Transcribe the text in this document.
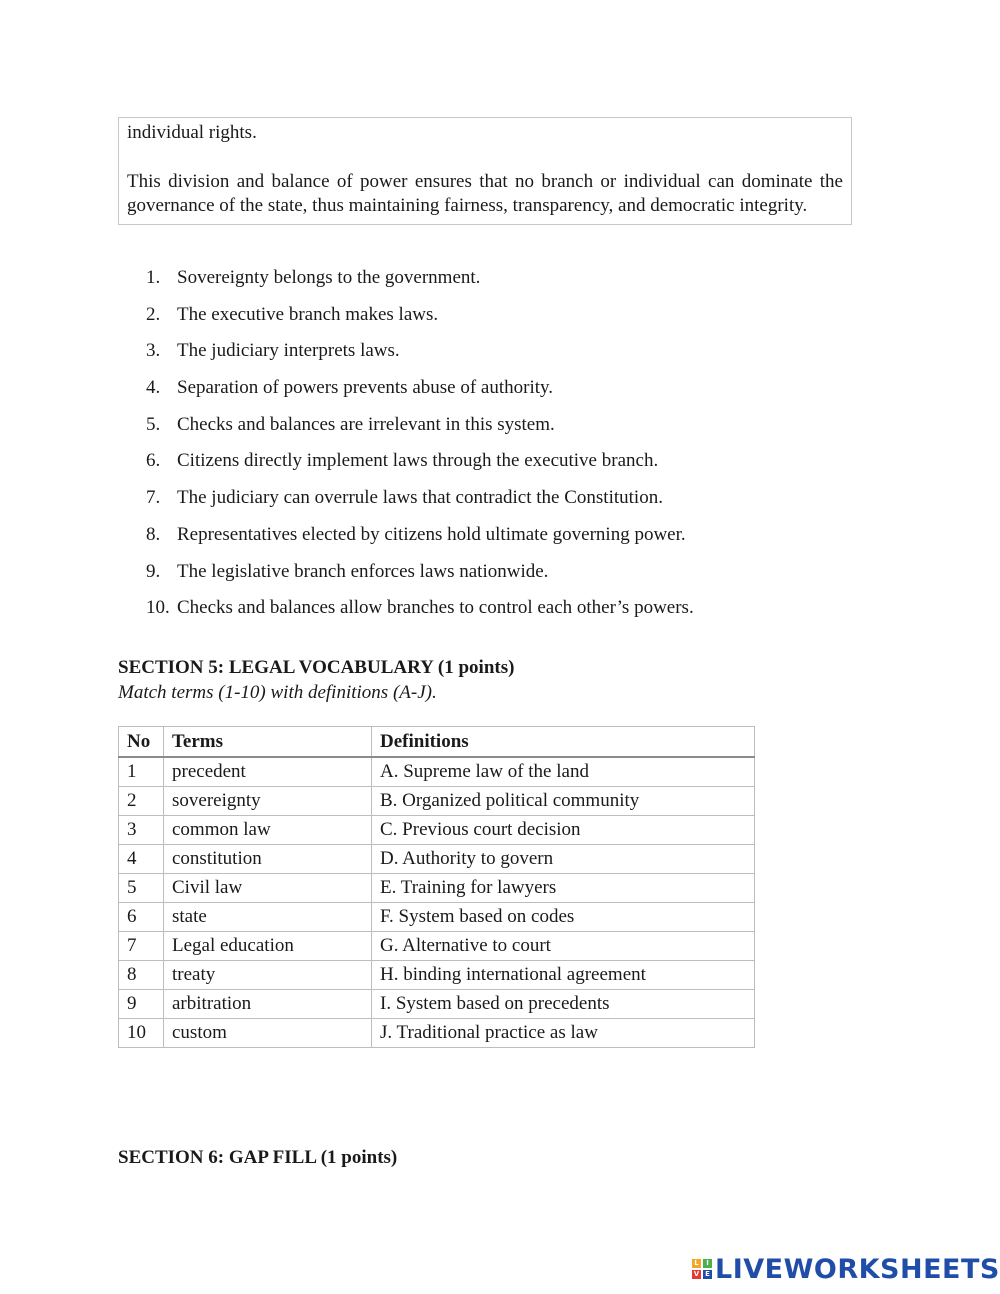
individual rights.

This division and balance of power ensures that no branch or individual can dominate the governance of the state, thus maintaining fairness, transparency, and democratic integrity.

1. Sovereignty belongs to the government.
2. The executive branch makes laws.
3. The judiciary interprets laws.
4. Separation of powers prevents abuse of authority.
5. Checks and balances are irrelevant in this system.
6. Citizens directly implement laws through the executive branch.
7. The judiciary can overrule laws that contradict the Constitution.
8. Representatives elected by citizens hold ultimate governing power.
9. The legislative branch enforces laws nationwide.
10. Checks and balances allow branches to control each other’s powers.
SECTION 5: LEGAL VOCABULARY (1 points)
Match terms (1-10) with definitions (A-J).
No	Terms	Definitions
1	precedent	A. Supreme law of the land
2	sovereignty	B. Organized political community
3	common law	C. Previous court decision
4	constitution	D. Authority to govern
5	Civil law	E. Training for lawyers
6	state	F. System based on codes
7	Legal education	G. Alternative to court
8	treaty	H. binding international agreement
9	arbitration	I. System based on precedents
10	custom	J. Traditional practice as law
SECTION 6: GAP FILL (1 points)
L	I
V E LIVEWORKSHEETS
